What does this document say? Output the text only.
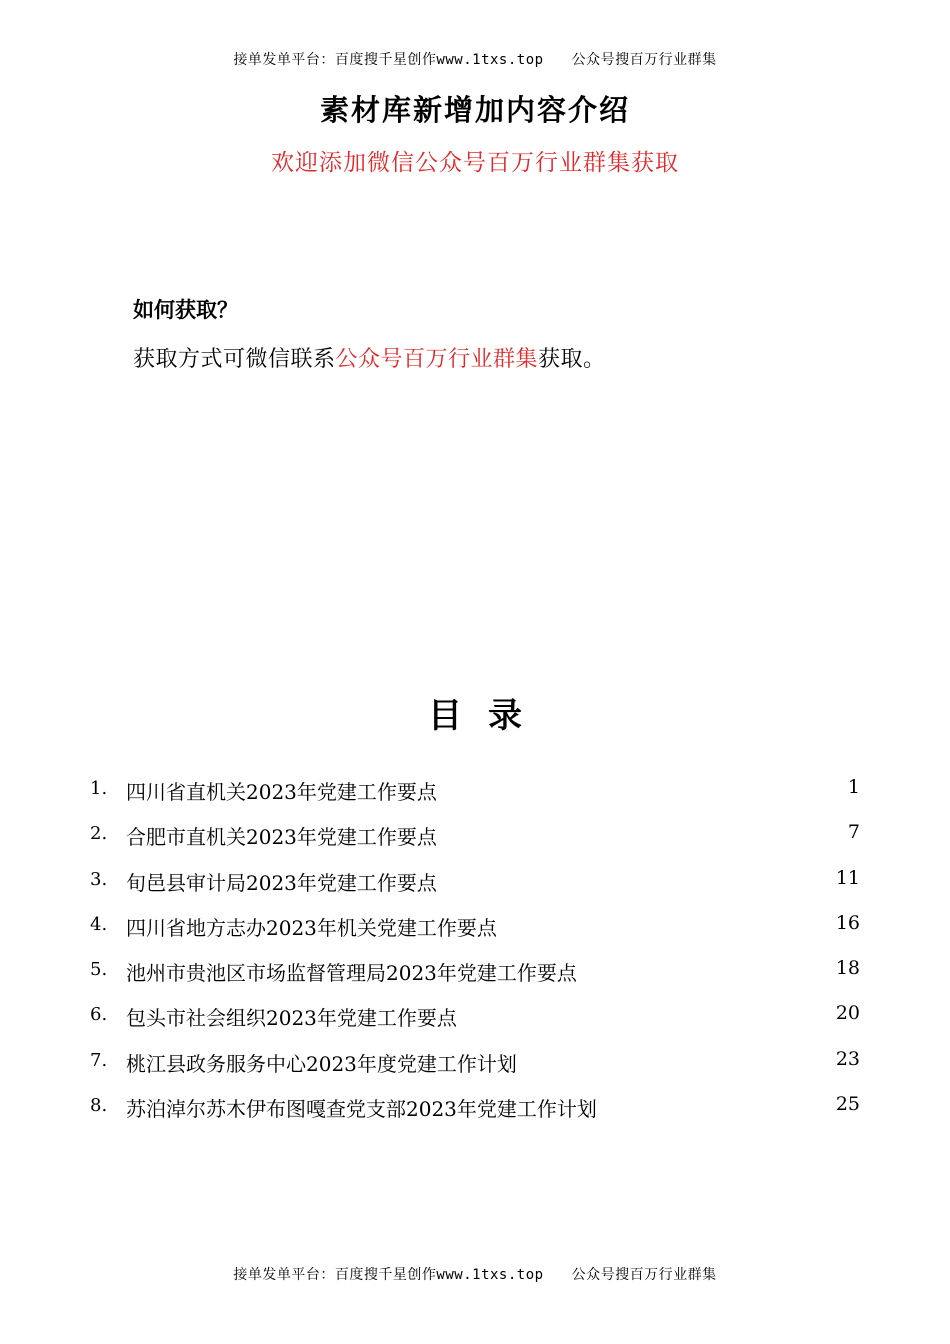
接单发单平台：百度搜千星创作www.1txs.top 公众号搜百万行业群集
素材库新增加内容介绍
欢迎添加微信公众号百万行业群集获取
如何获取？
获取方式可微信联系公众号百万行业群集获取。
目录
1. 四川省直机关2023年党建工作要点	1
2. 合肥市直机关2023年党建工作要点	7
3. 旬邑县审计局2023年党建工作要点	11
4. 四川省地方志办2023年机关党建工作要点	16
5. 池州市贵池区市场监督管理局2023年党建工作要点	18
6. 包头市社会组织2023年党建工作要点	20
7. 桃江县政务服务中心2023年度党建工作计划	23
8. 苏泊淖尔苏木伊布图嘎查党支部2023年党建工作计划	25
接单发单平台：百度搜千星创作www.1txs.top 公众号搜百万行业群集
